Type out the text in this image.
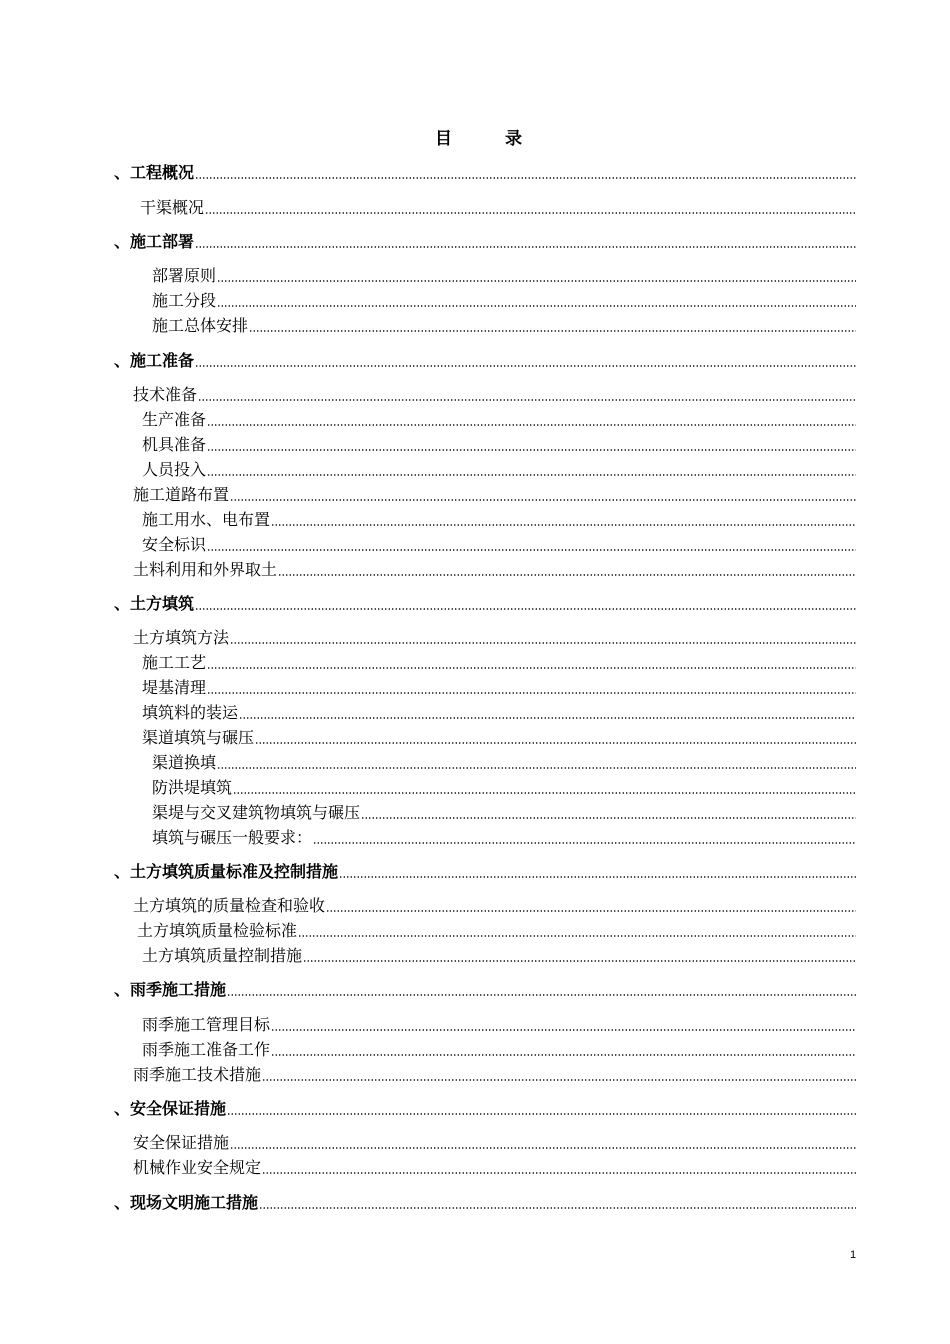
目　录
、工程概况
干渠概况
、施工部署
部署原则
施工分段
施工总体安排
、施工准备
技术准备
生产准备
机具准备
人员投入
施工道路布置
施工用水、电布置
安全标识
土料利用和外界取土
、土方填筑
土方填筑方法
施工工艺
堤基清理
填筑料的装运
渠道填筑与碾压
渠道换填
防洪堤填筑
渠堤与交叉建筑物填筑与碾压
填筑与碾压一般要求：
、土方填筑质量标准及控制措施
土方填筑的质量检查和验收
土方填筑质量检验标准
土方填筑质量控制措施
、雨季施工措施
雨季施工管理目标
雨季施工准备工作
雨季施工技术措施
、安全保证措施
安全保证措施
机械作业安全规定
、现场文明施工措施
1
